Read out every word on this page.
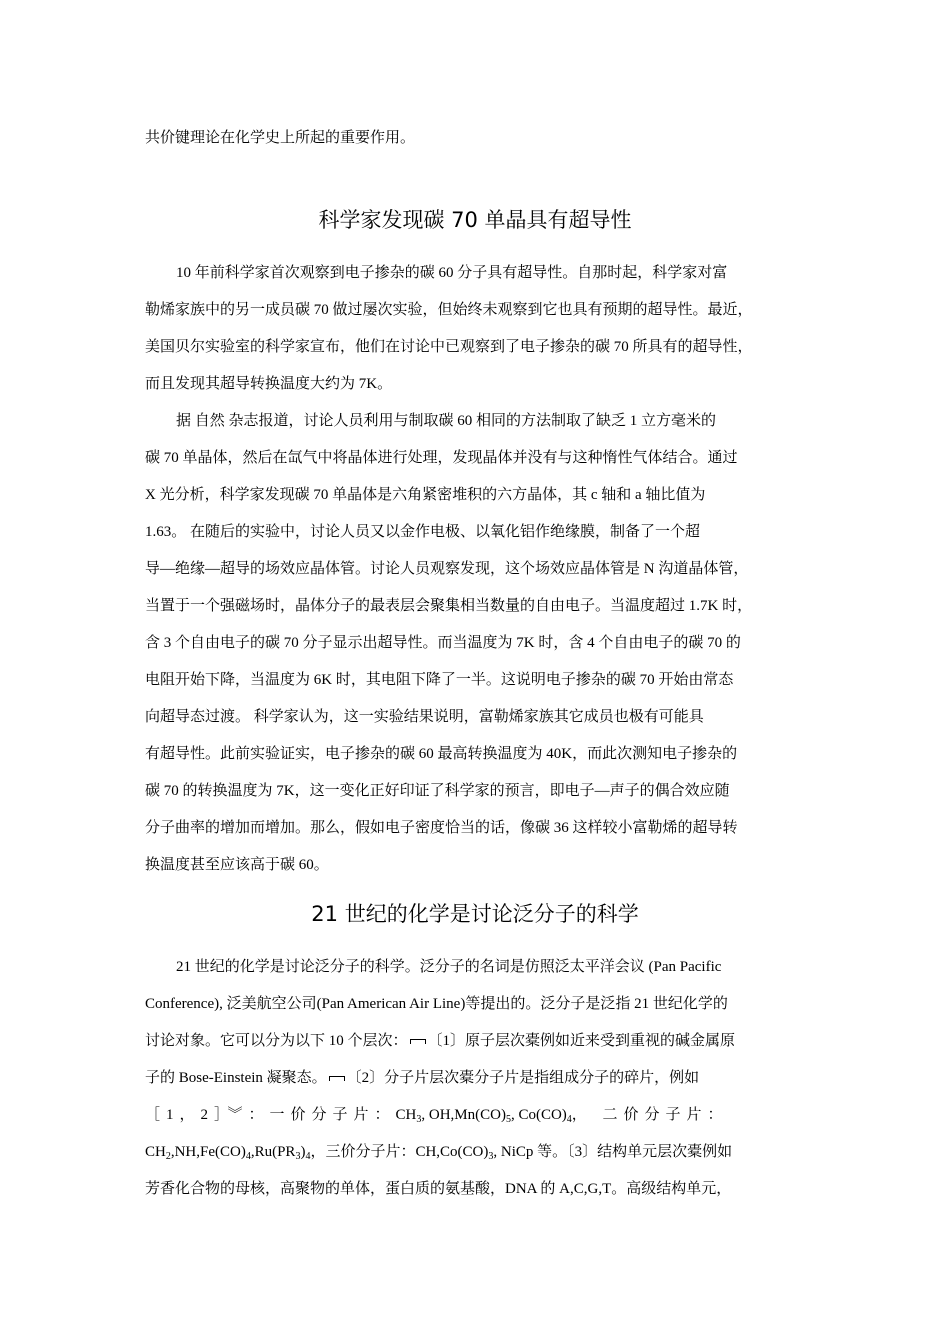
共价键理论在化学史上所起的重要作用。
科学家发现碳 70 单晶具有超导性
10 年前科学家首次观察到电子掺杂的碳 60 分子具有超导性。自那时起，科学家对富
勒烯家族中的另一成员碳 70 做过屡次实验，但始终未观察到它也具有预期的超导性。最近，
美国贝尔实验室的科学家宣布，他们在讨论中已观察到了电子掺杂的碳 70 所具有的超导性，
而且发现其超导转换温度大约为 7K。
据 自然 杂志报道，讨论人员利用与制取碳 60 相同的方法制取了缺乏 1 立方毫米的
碳 70 单晶体，然后在氙气中将晶体进行处理，发现晶体并没有与这种惰性气体结合。通过
X 光分析，科学家发现碳 70 单晶体是六角紧密堆积的六方晶体，其 c 轴和 a 轴比值为
1.63。 在随后的实验中，讨论人员又以金作电极、以氧化铝作绝缘膜，制备了一个超
导—绝缘—超导的场效应晶体管。讨论人员观察发现，这个场效应晶体管是 N 沟道晶体管，
当置于一个强磁场时，晶体分子的最表层会聚集相当数量的自由电子。当温度超过 1.7K 时，
含 3 个自由电子的碳 70 分子显示出超导性。而当温度为 7K 时，含 4 个自由电子的碳 70 的
电阻开始下降，当温度为 6K 时，其电阻下降了一半。这说明电子掺杂的碳 70 开始由常态
向超导态过渡。 科学家认为，这一实验结果说明，富勒烯家族其它成员也极有可能具
有超导性。此前实验证实，电子掺杂的碳 60 最高转换温度为 40K，而此次测知电子掺杂的
碳 70 的转换温度为 7K，这一变化正好印证了科学家的预言，即电子—声子的偶合效应随
分子曲率的增加而增加。那么，假如电子密度恰当的话，像碳 36 这样较小富勒烯的超导转
换温度甚至应该高于碳 60。
21 世纪的化学是讨论泛分子的科学
21 世纪的化学是讨论泛分子的科学。泛分子的名词是仿照泛太平洋会议 (Pan Pacific
Conference), 泛美航空公司(Pan American Air Line)等提出的。泛分子是泛指 21 世纪化学的
讨论对象。它可以分为以下 10 个层次： 〔1〕原子层次橐例如近来受到重视的碱金属原
子的 Bose-Einstein 凝聚态。 〔2〕分子片层次橐分子片是指组成分子的碎片，例如
［1，2］︾：一价分子片：$CH_3$, $OH,Mn(CO)_5$, $Co(CO)_4$， 二价分子片：
$CH_2,NH,Fe(CO)_4,Ru(PR_3)_4$，三价分子片：$CH,Co(CO)_3$, NiCp 等。〔3〕结构单元层次橐例如
芳香化合物的母核，高聚物的单体，蛋白质的氨基酸，DNA 的 A,C,G,T。高级结构单元，
